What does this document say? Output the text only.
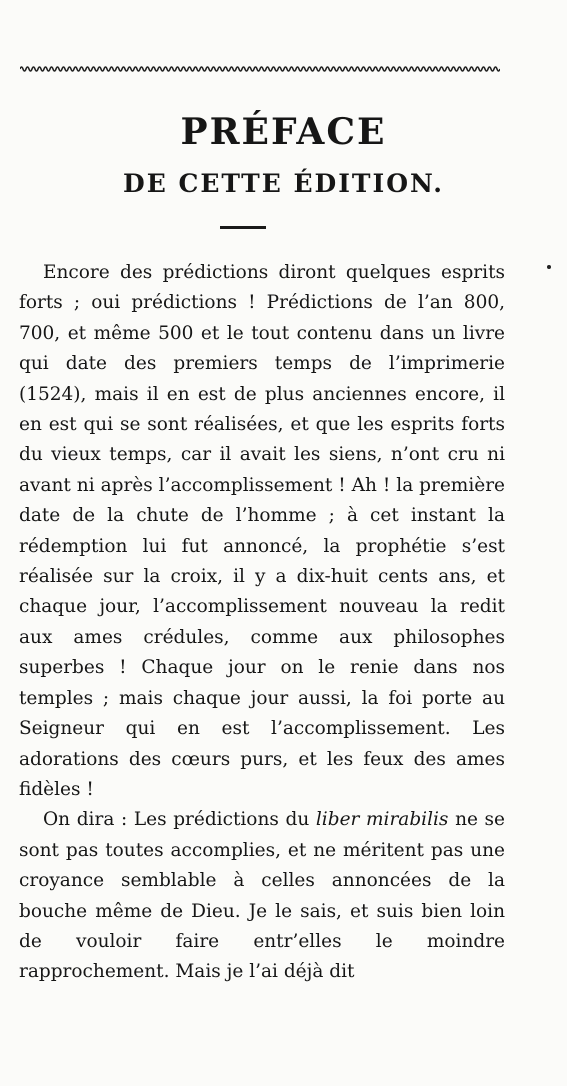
PRÉFACE
DE CETTE ÉDITION.

Encore des prédictions diront quelques esprits forts ; oui prédictions ! Prédictions de l’an 800, 700, et même 500 et le tout contenu dans un livre qui date des premiers temps de l’imprimerie (1524), mais il en est de plus anciennes encore, il en est qui se sont réalisées, et que les esprits forts du vieux temps, car il avait les siens, n’ont cru ni avant ni après l’accomplissement ! Ah ! la première date de la chute de l’homme ; à cet instant la rédemption lui fut annoncé, la prophétie s’est réalisée sur la croix, il y a dix-huit cents ans, et chaque jour, l’accomplissement nouveau la redit aux ames crédules, comme aux philosophes superbes ! Chaque jour on le renie dans nos temples ; mais chaque jour aussi, la foi porte au Seigneur qui en est l’accomplissement. Les adorations des cœurs purs, et les feux des ames fidèles !

On dira : Les prédictions du liber mirabilis ne se sont pas toutes accomplies, et ne méritent pas une croyance semblable à celles annoncées de la bouche même de Dieu. Je le sais, et suis bien loin de vouloir faire entr’elles le moindre rapprochement. Mais je l’ai déjà dit
